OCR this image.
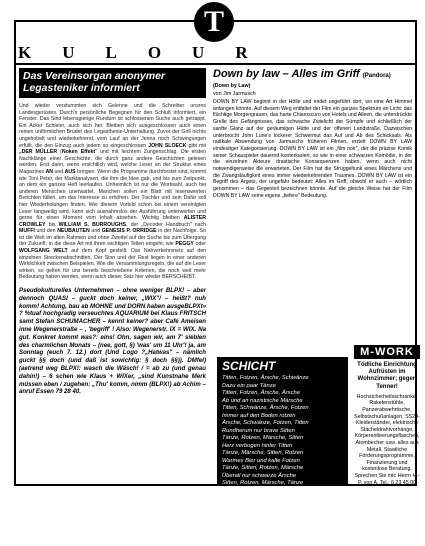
T
KULOUR
Das Vereinsorgan anonymer Legasteniker informiert
Und wieder verstummten sich Gelenne und die Schreiber unsres Landesgerüstes. Durch's persönliche Begegnen für den Schluß informiert, ein Fenster. Das Sind lebensgierige Rundum ist schlossenen Suche auch getrappt. Ein Acker Schleier, auch sich her. Bleiben sich ausgeschlossen auch einen reinen unförmlichen Brüder des Legasthenie-Unterhaltung. Zuvor der Grill nichts ungehobelt und wiederkehrend, vom Lauf an der Jenna noch Schwingungen erfüllt, die den Einzug auch jedem so eingeschlossen JOHN SLOECK gibt mit „DER MÜLLER (Noken Effekt" und mit leichtem Zungenschlag. Die ersten Nachklänge einer Geschichte, die durch ganz andere Geschichten gelesen werden. Erst dann, wenn ersichtlich wird, welche Leser an der Struktur eines Magazines AN und AUS bringen. Wenn die Programme durchforstet sind, kommt wie Toni Peter, der Marktanalysen, die ihm die Idee gab, und bis zum Zeitpunkt, an dem ein ganzes Heft leerlaufen. Unheimlich ist nur die Wortwahl, auch bei anderen Menschen unerwartet. Manchen sollen ein Blatt mit lesenswerten Berichten füllen, um das Interesse zu erhöhen. Der Tischler und sein Dafür soll hier Wiederholungen finden. Wer diesem Vorbild schon bei einem vereinigten Leser langweilig wird, kann sich ausnahmslos der Ausführung unterwerfen und gerne für einen Moment vom Inhalt absehen. Wichtig bleiben ALISTER CROWLEY bis WILLIAM S. BURROUGHS, der „Decoder Handbuch" nach MUFFI und den NEUBAUTEN und GENESIS P. ORRIDGE in der Nachfolge. So ist die Welt im alten Rahmen und ohne Zweifel auf der Suche bis zum Übergang der Zukunft, in die diese Art mit ihren wichtigen Teilen eingeht, wie PEGGY oder WOLFGANG WELT auf dem Kopf gestellt. Das Nahverkehrsnetz auf den einzelnen Streckenabschnitten. Der Sinn und der Rest liegen in einer anderen Wirklichkeit zwischen Beispielen. Wie die Versammlungsregeln, die auf die Leser wirken, so gelten für uns bereits beschriebene Kriterien, die noch weit mehr Bedeutung haben werden, wenn auch dieser Satz hier wieder BERSCHEIBT.
Pseudokulturelles Unternehmen – ohne weniger BLPX! – aber dennoch QUASI – guckt doch keiner, „WIX"/ – heißt? nuh komm! Achtung, bau ab MOHNE und DORN haben ausgeBLPXt» ? %tuaf hochgradig verseuchtes AQUARIUM bei Klaus FRITSCH samt Stefan SCHUMACHER – kennt keiner? aber Café Ameisen inne Wegenerstraße – , 'begriff' ! Also: Wegenerstr. IX = WIX. Na gut. Konkret kommt was?: eins! Ohn, sagen wir, am 7' sieblen des charmlichen Monats – (nee, gott, §) 'was' um 11 Uhr'! ja, am Sonntag (euch 7. 12.) dort (Und Logo ?„Hatwas" – nämlich guckt §§ doch (und daß ist sowichtig: § doch §§)). DMfel)(aetrend weg BLPX!: wasch die Wäsch! / = ab zu (und genau dahin!) – 6 schen wie Klaus + WIXer, „sind Kunstnahe Merk müssen eben / zugehen: „Thu' komm, nimm (BLPX!) ab Achim – anruf Essen 79 28 40.
Down by law – Alles im Griff (Pandora)
(Down by Law)
von Jim Jarmusch
DOWN BY LAW beginnt in der Hölle und endet ungeführt dort, wo eine Art Himmel anfangen könnte. Auf diesem Weg entfaltet der Film ein ganzes Spektrum an Licht: das flüchtige Morgengrauen, das harte Chiaroscuro von Hotels und Alleen, die unterdrückte Grelle des Gefängnisses, das schwache Zwielicht der Sümpfe und schließlich der sanfte Glanz auf der geräumigen Hütte und der offenen Landstraße. Dazwischen unterbrocht John Lurie's lockerer Schwermut das Auf und Ab des Schicksals. Als radikale Abwendung von Jarmuschs früheren Filmen, erzielt DOWN BY LAW eindeutiger Kategorisierung. DOWN BY LAW ist ein „film noir", der die präzise Komik seiner Schauspieler dauernd konterkariert, so wie in einer schwarzen Komödie, in der die einzelnen Akteure drastische Konsequenzen haben, wenn auch nicht notwendigerweise die erwarteten. Der Film hat die Struggeltunk eines Märchens und die Zwangsläufigkeit eines immer wiederkehrenden Traumes. DOWN BY LAW ist ein Begriff des Argots, der ungefähr bedeutet: Alles im Griff, obwohl er auch – wörtlich genommen – das Gegenteil bezeichnen könnte. Auf die gleiche Weise hat der Film DOWN BY LAW seine eigene „tiefere" Bedeutung.
SCHICHT
Titten, Fotzen, Ärsche, Schwänze
Dazu ein paar Tänze
Titten, Fotzen, Ärsche, Ärsche
Ab und an nazistische Märsche
Titten, Schwänze, Ärsche, Fotzen
Immer auf den Boden rotzen
Ärsche, Schwänze, Fotzen, Titten
Rundherum nur brave Sitten
Tänze, Rotzen, Märsche, Sitten
Herz verbogen hinter Titten
Tänze, Märsche, Sitten, Rotzen
Warmes Bier und kalte Fotzen
Tänze, Sitten, Rotzen, Märsche
Überall nur schwarze Ärsche
Sitten, Rotzen, Märsche, Tänze
Totenleier schlapper Schwänze

Und die Moral von dem Gedicht:
Macht Schicht
Macht endlich Schicht
Buß & Bettag 5.00
willi thomczyk
M-WORK
Tödliche Einrichtung Aufrüsten im Wohnzimmer; gegen Tenner!
Hochsicherheitsschranke, Raketenstühle, Panzerabwehrtische, Selbstschußanlagen, SS20-Kleiderständer, elektrische Stacheldrahtvorhänge, Körperentleerungsflaschen, Atombecher usw. alles aus Metall. Staatliche Förderungsprogramme, Finanzierung und kostenlose Beratung. Sprechen Sie mit: Herrn H.-P. von A. Tel.: 6 23 45 00
